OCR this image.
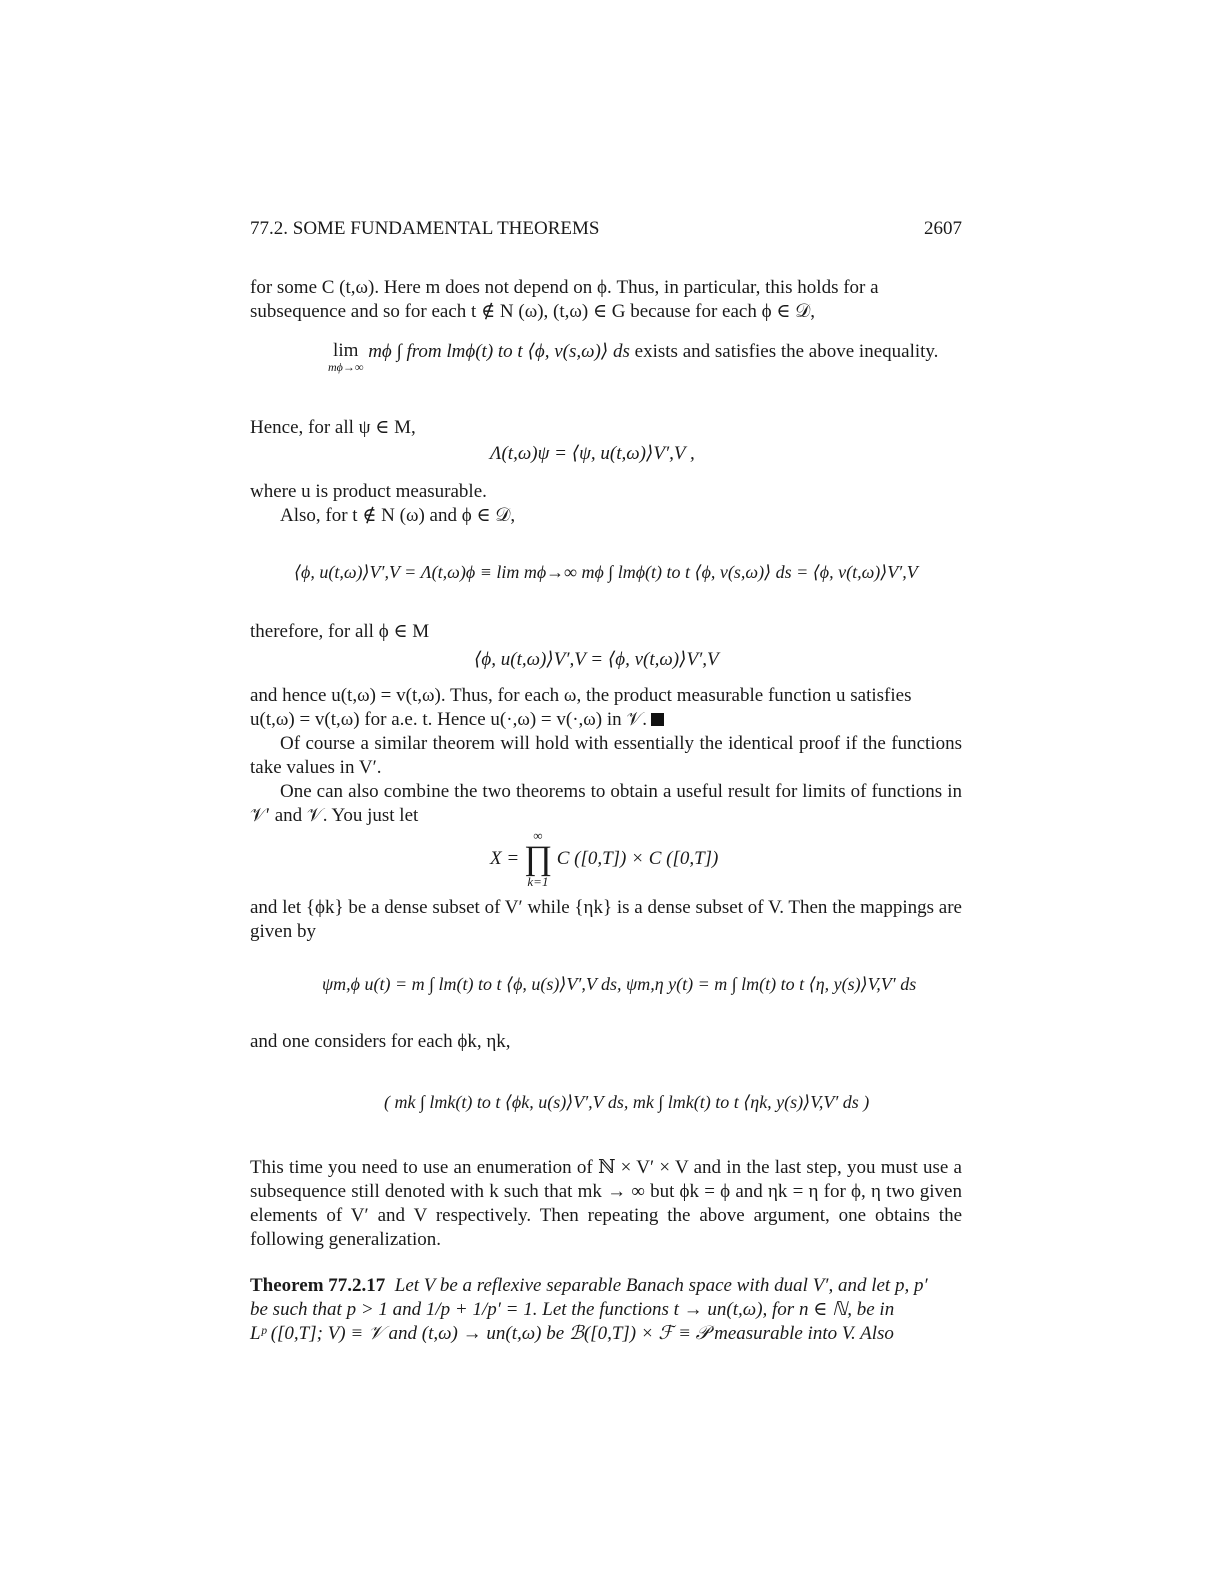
77.2. SOME FUNDAMENTAL THEOREMS	2607
for some C (t,ω). Here m does not depend on ϕ. Thus, in particular, this holds for a
subsequence and so for each t ∉ N (ω), (t,ω) ∈ G because for each ϕ ∈ 𝒟,
lim
mϕ→∞
mϕ ∫ from lmϕ(t) to t ⟨ϕ, v(s,ω)⟩ ds exists and satisfies the above inequality.
Hence, for all ψ ∈ M,
Λ(t,ω)ψ = ⟨ψ, u(t,ω)⟩V′,V ,
where u is product measurable.
Also, for t ∉ N (ω) and ϕ ∈ 𝒟,
⟨ϕ, u(t,ω)⟩V′,V = Λ(t,ω)ϕ ≡ lim mϕ→∞ mϕ ∫ lmϕ(t) to t ⟨ϕ, v(s,ω)⟩ ds = ⟨ϕ, v(t,ω)⟩V′,V
therefore, for all ϕ ∈ M
⟨ϕ, u(t,ω)⟩V′,V = ⟨ϕ, v(t,ω)⟩V′,V
and hence u(t,ω) = v(t,ω). Thus, for each ω, the product measurable function u satisfies
u(t,ω) = v(t,ω) for a.e. t. Hence u(·,ω) = v(·,ω) in 𝒱.
Of course a similar theorem will hold with essentially the identical proof if the functions take values in V′.
One can also combine the two theorems to obtain a useful result for limits of functions in 𝒱′ and 𝒱. You just let
X =
∞
∏
k=1
C ([0,T]) × C ([0,T])
and let {ϕk} be a dense subset of V′ while {ηk} is a dense subset of V. Then the mappings are given by
ψm,ϕ u(t) = m ∫ lm(t) to t ⟨ϕ, u(s)⟩V′,V ds, ψm,η y(t) = m ∫ lm(t) to t ⟨η, y(s)⟩V,V′ ds
and one considers for each ϕk, ηk,
( mk ∫ lmk(t) to t ⟨ϕk, u(s)⟩V′,V ds, mk ∫ lmk(t) to t ⟨ηk, y(s)⟩V,V′ ds )
This time you need to use an enumeration of ℕ × V′ × V and in the last step, you must use a subsequence still denoted with k such that mk → ∞ but ϕk = ϕ and ηk = η for ϕ, η two given elements of V′ and V respectively. Then repeating the above argument, one obtains the following generalization.
Theorem 77.2.17 Let V be a reflexive separable Banach space with dual V′, and let p, p′
be such that p > 1 and 1/p + 1/p′ = 1. Let the functions t → un(t,ω), for n ∈ ℕ, be in
Lᵖ ([0,T]; V) ≡ 𝒱 and (t,ω) → un(t,ω) be ℬ([0,T]) × ℱ ≡ 𝒫 measurable into V. Also
